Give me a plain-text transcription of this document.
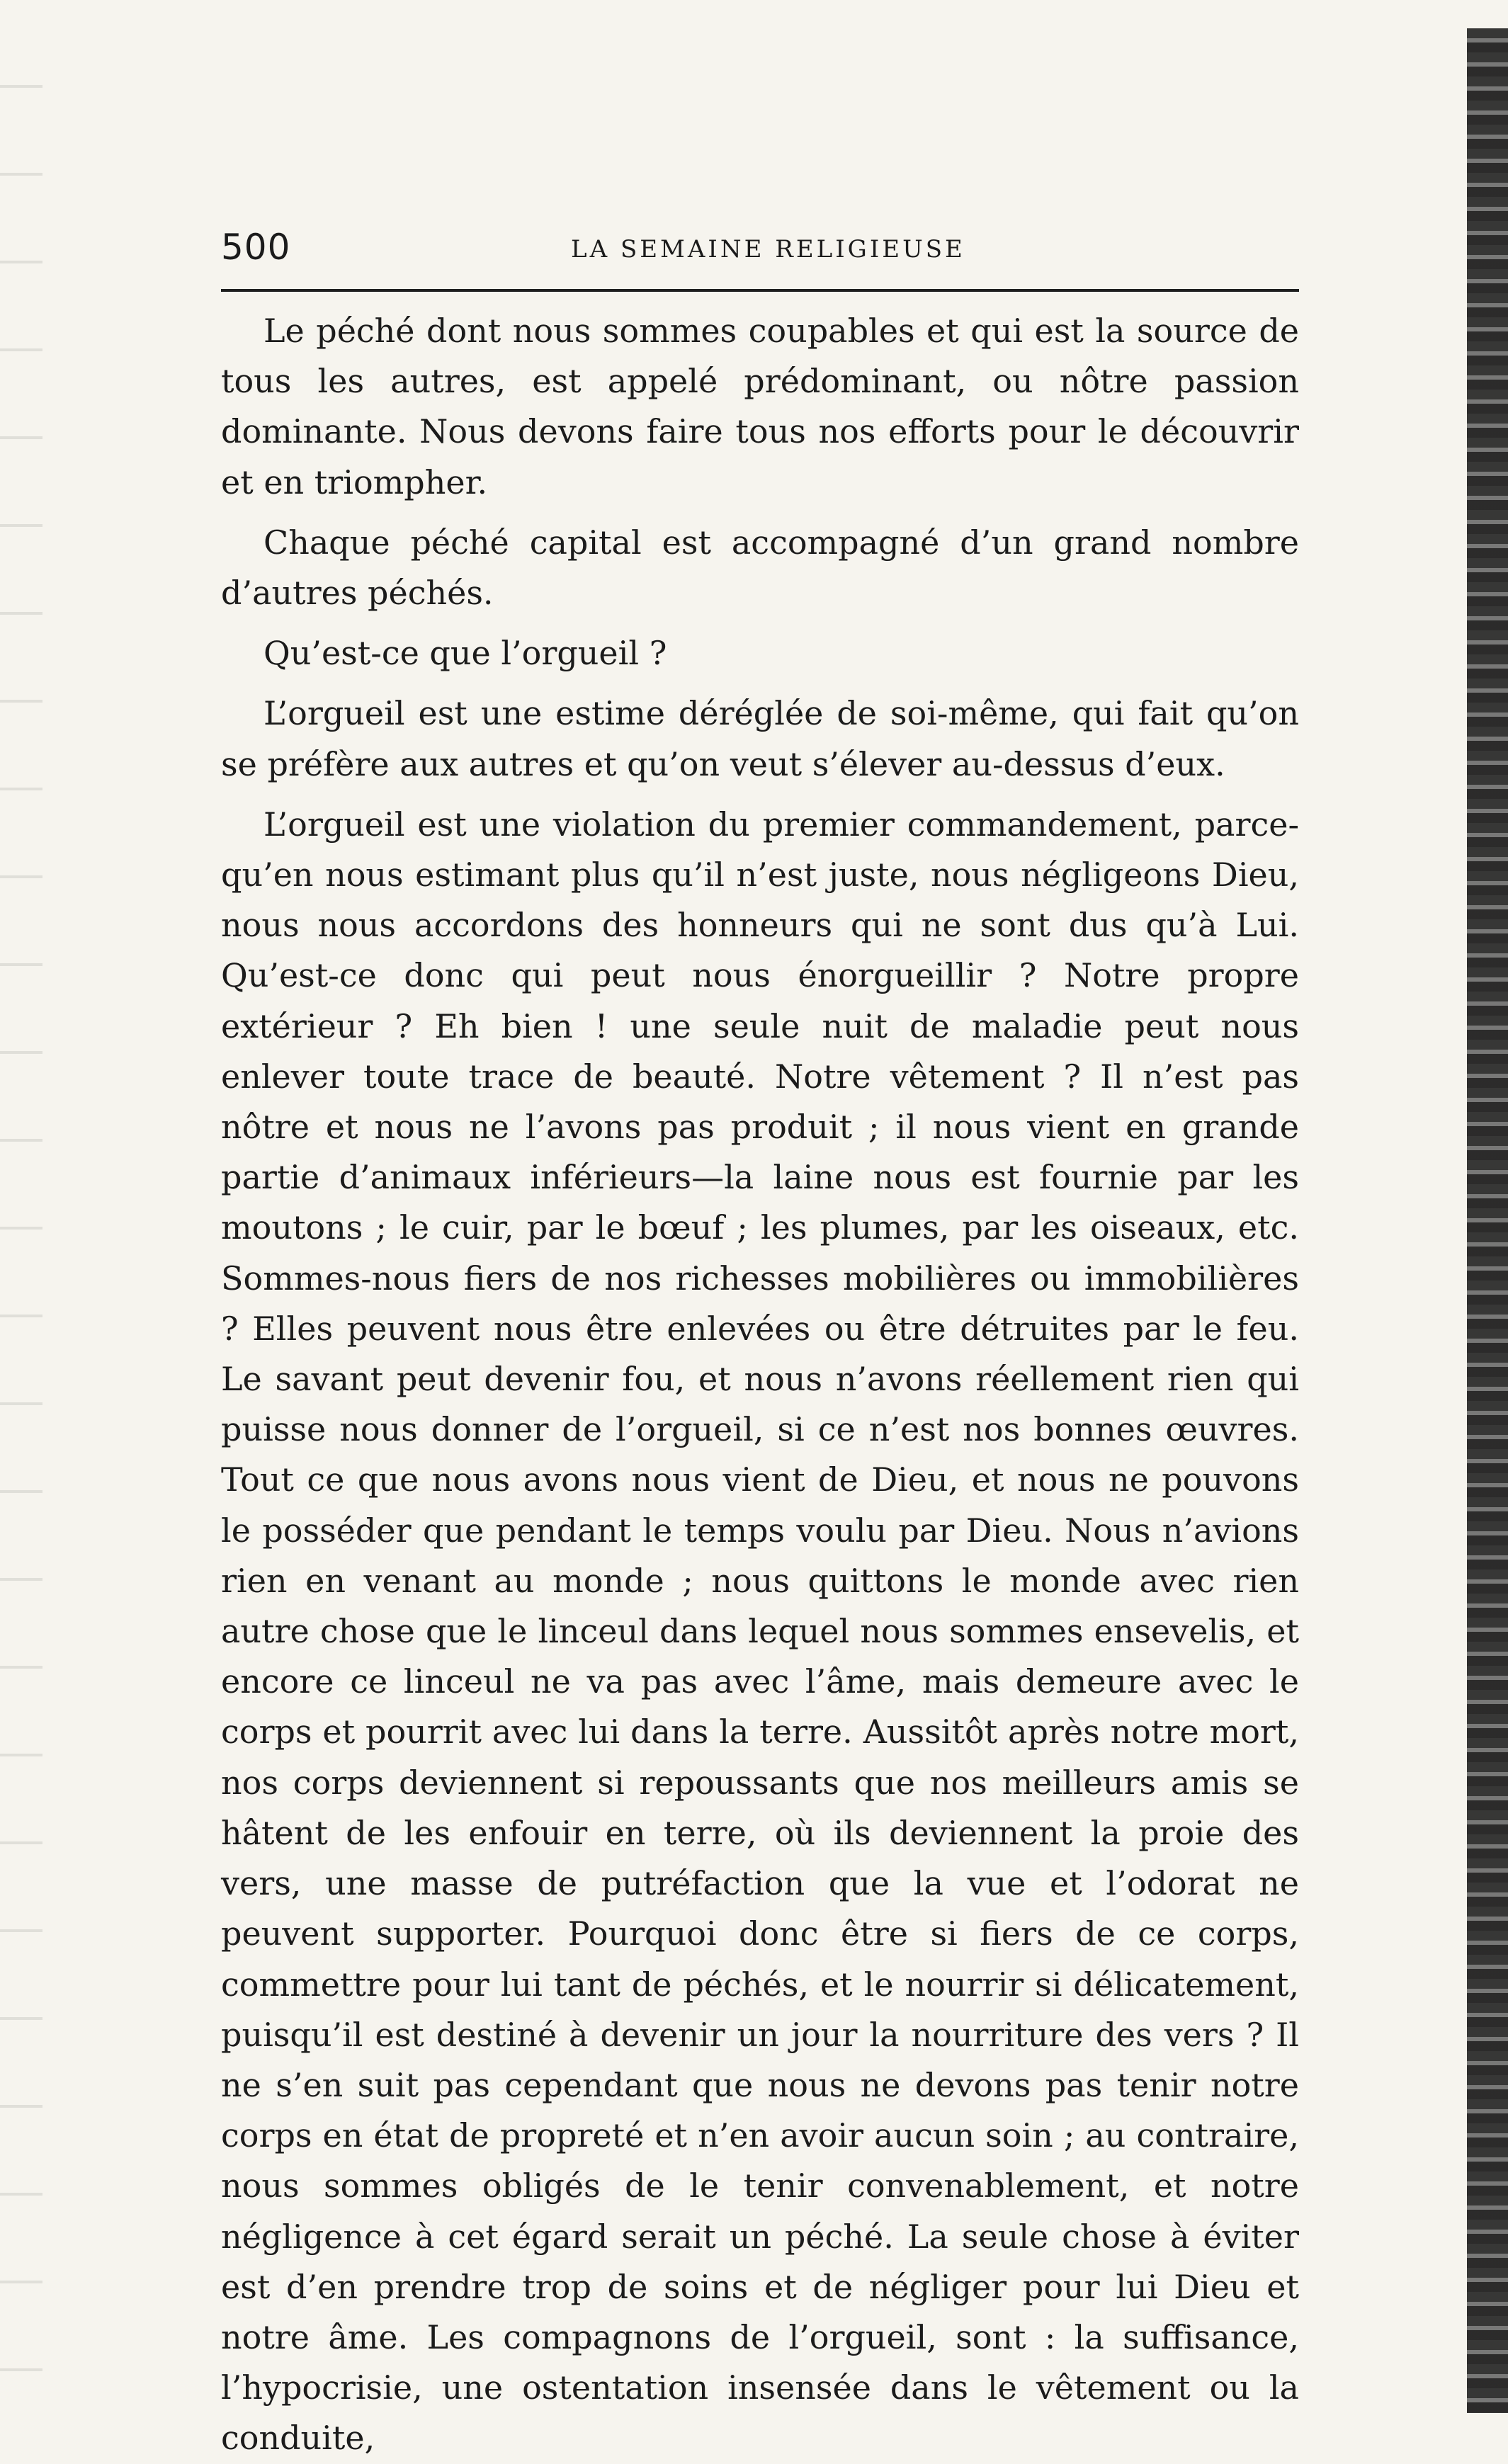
500	LA SEMAINE RELIGIEUSE

Le péché dont nous sommes coupables et qui est la source de tous les autres, est appelé prédominant, ou nôtre passion dominante. Nous devons faire tous nos efforts pour le découvrir et en triompher.

Chaque péché capital est accompagné d’un grand nombre d’autres péchés.

Qu’est-ce que l’orgueil ?

L’orgueil est une estime déréglée de soi-même, qui fait qu’on se préfère aux autres et qu’on veut s’élever au-dessus d’eux.

L’orgueil est une violation du premier commandement, parce-qu’en nous estimant plus qu’il n’est juste, nous négligeons Dieu, nous nous accordons des honneurs qui ne sont dus qu’à Lui. Qu’est-ce donc qui peut nous énorgueillir ? Notre propre extérieur ? Eh bien ! une seule nuit de maladie peut nous enlever toute trace de beauté. Notre vêtement ? Il n’est pas nôtre et nous ne l’avons pas produit ; il nous vient en grande partie d’animaux inférieurs—la laine nous est fournie par les moutons ; le cuir, par le bœuf ; les plumes, par les oiseaux, etc. Sommes-nous fiers de nos richesses mobilières ou immobilières ? Elles peuvent nous être enlevées ou être détruites par le feu. Le savant peut devenir fou, et nous n’avons réellement rien qui puisse nous donner de l’orgueil, si ce n’est nos bonnes œuvres. Tout ce que nous avons nous vient de Dieu, et nous ne pouvons le posséder que pendant le temps voulu par Dieu. Nous n’avions rien en venant au monde ; nous quittons le monde avec rien autre chose que le linceul dans lequel nous sommes ensevelis, et encore ce linceul ne va pas avec l’âme, mais demeure avec le corps et pourrit avec lui dans la terre. Aussitôt après notre mort, nos corps deviennent si repoussants que nos meilleurs amis se hâtent de les enfouir en terre, où ils deviennent la proie des vers, une masse de putréfaction que la vue et l’odorat ne peuvent supporter. Pourquoi donc être si fiers de ce corps, commettre pour lui tant de péchés, et le nourrir si délicatement, puisqu’il est destiné à devenir un jour la nourriture des vers ? Il ne s’en suit pas cependant que nous ne devons pas tenir notre corps en état de propreté et n’en avoir aucun soin ; au contraire, nous sommes obligés de le tenir convenablement, et notre négligence à cet égard serait un péché. La seule chose à éviter est d’en prendre trop de soins et de négliger pour lui Dieu et notre âme. Les compagnons de l’orgueil, sont : la suffisance, l’hypocrisie, une ostentation insensée dans le vêtement ou la conduite,
